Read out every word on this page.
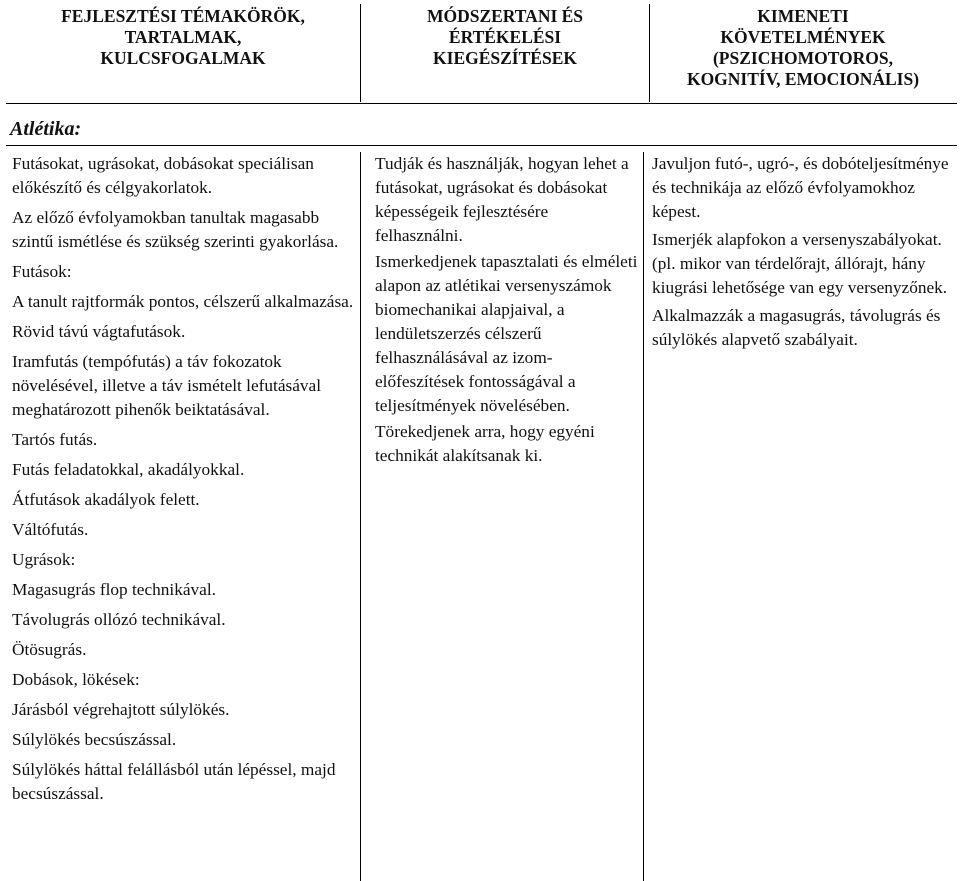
FEJLESZTÉSI TÉMAKÖRÖK,
TARTALMAK,
KULCSFOGALMAK
MÓDSZERTANI ÉS
ÉRTÉKELÉSI
KIEGÉSZÍTÉSEK
KIMENETI
KÖVETELMÉNYEK
(PSZICHOMOTOROS,
KOGNITÍV, EMOCIONÁLIS)
Atlétika:

Futásokat, ugrásokat, dobásokat speciálisan előkészítő és célgyakorlatok.

Az előző évfolyamokban tanultak magasabb szintű ismétlése és szükség szerinti gyakorlása.

Futások:

A tanult rajtformák pontos, célszerű alkalmazása.

Rövid távú vágtafutások.

Iramfutás (tempófutás) a táv fokozatok növelésével, illetve a táv ismételt lefutásával meghatározott pihenők beiktatásával.

Tartós futás.

Futás feladatokkal, akadályokkal.

Átfutások akadályok felett.

Váltófutás.

Ugrások:

Magasugrás flop technikával.

Távolugrás ollózó technikával.

Ötösugrás.

Dobások, lökések:

Járásból végrehajtott súlylökés.

Súlylökés becsúszással.

Súlylökés háttal felállásból után lépéssel, majd becsúszással.

Tudják és használják, hogyan lehet a futásokat, ugrásokat és dobásokat képességeik fejlesztésére felhasználni.

Ismerkedjenek tapasztalati és elméleti alapon az atlétikai versenyszámok biomechanikai alapjaival, a lendületszerzés célszerű felhasználásával az izom-előfeszítések fontosságával a teljesítmények növelésében.

Törekedjenek arra, hogy egyéni technikát alakítsanak ki.

Javuljon futó-, ugró-, és dobóteljesítménye és technikája az előző évfolyamokhoz képest.

Ismerjék alapfokon a versenyszabályokat. (pl. mikor van térdelőrajt, állórajt, hány kiugrási lehetősége van egy versenyzőnek.

Alkalmazzák a magasugrás, távolugrás és súlylökés alapvető szabályait.
